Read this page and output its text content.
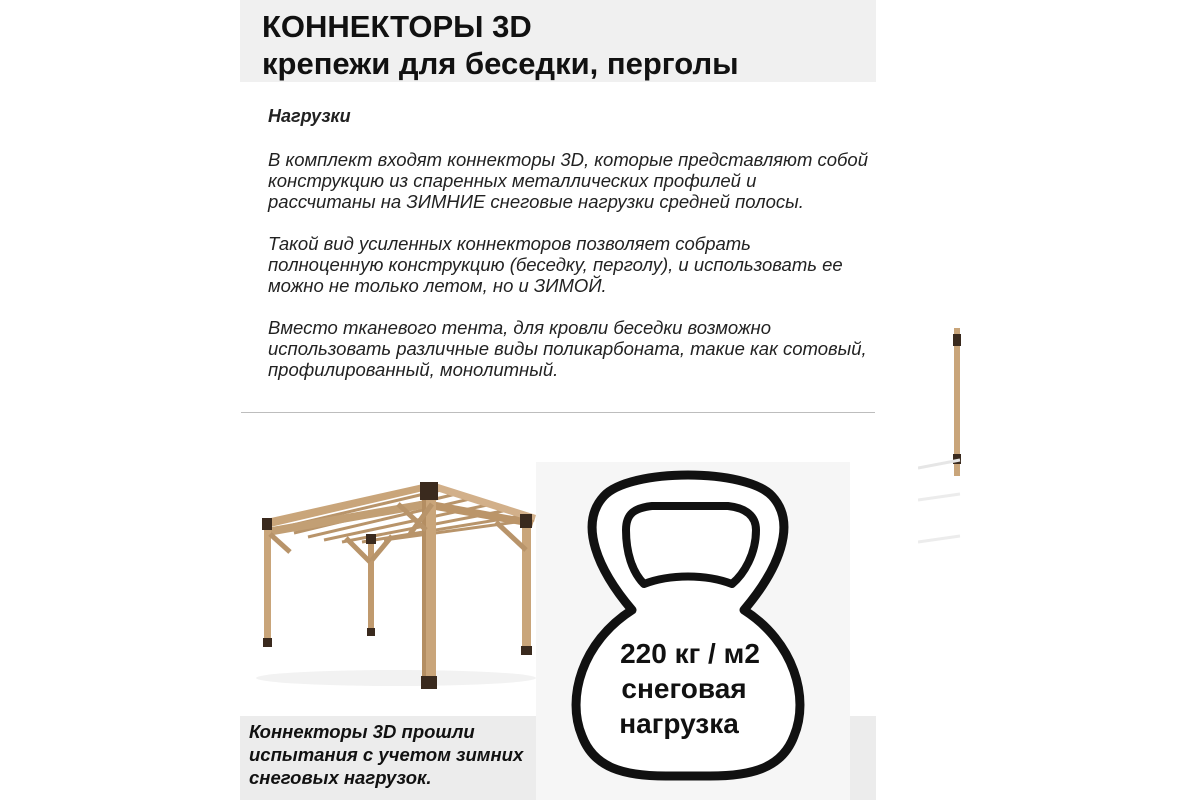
КОННЕКТОРЫ 3D
крепежи для беседки, перголы
Нагрузки

В комплект входят коннекторы 3D, которые представляют собой конструкцию из спаренных металлических профилей и рассчитаны на ЗИМНИЕ снеговые нагрузки средней полосы.

Такой вид усиленных коннекторов позволяет собрать полноценную конструкцию (беседку, перголу), и использовать ее можно не только летом, но и ЗИМОЙ.

Вместо тканевого тента, для кровли беседки возможно использовать различные виды поликарбоната, такие как сотовый, профилированный, монолитный.

Коннекторы 3D прошли
испытания с учетом зимних
снеговых нагрузок.

220 кг / м2
снеговая
нагрузка
